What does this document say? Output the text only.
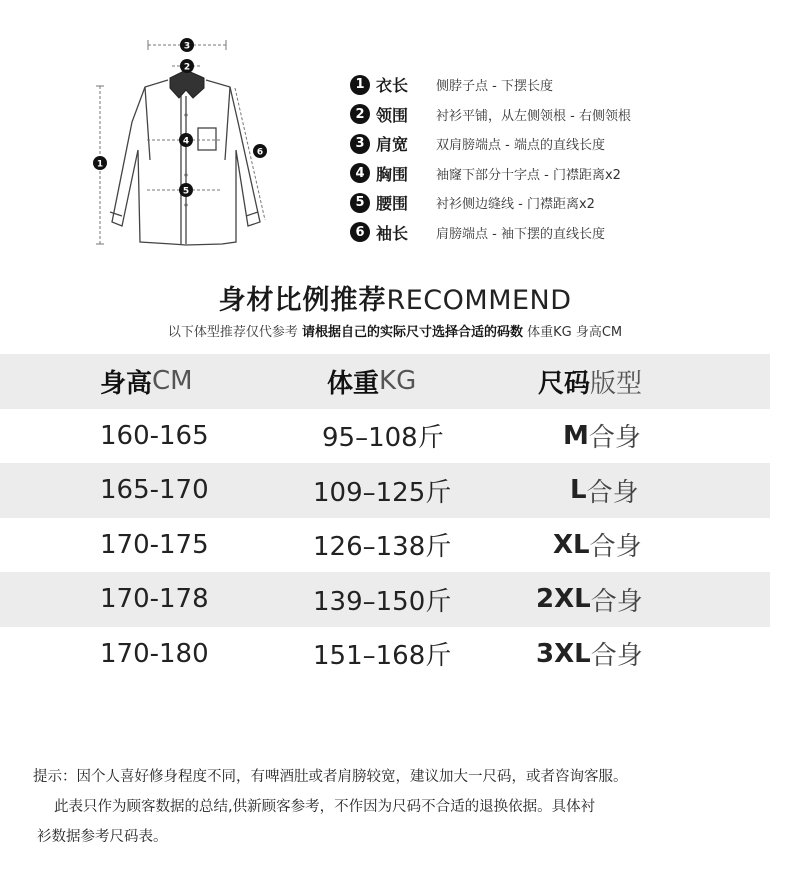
3
2
4
5
1
6
1 衣长	侧脖子点 - 下摆长度
2 领围	衬衫平铺，从左侧领根 - 右侧领根
3 肩宽	双肩膀端点 - 端点的直线长度
4 胸围	袖窿下部分十字点 - 门襟距离x2
5 腰围	衬衫侧边缝线 - 门襟距离x2
6 袖长	肩膀端点 - 袖下摆的直线长度
身材比例推荐RECOMMEND
以下体型推荐仅代参考 请根据自己的实际尺寸选择合适的码数 体重KG 身高CM
身高 CM	体重 KG	尺码 版型
160-165	95–108斤	M 合身
165-170	109–125斤	L 合身
170-175	126–138斤	XL 合身
170-178	139–150斤	2XL 合身
170-180	151–168斤	3XL 合身
提示：因个人喜好修身程度不同，有啤酒肚或者肩膀较宽，建议加大一尺码，或者咨询客服。
此表只作为顾客数据的总结,供新顾客参考，不作因为尺码不合适的退换依据。具体衬
衫数据参考尺码表。
